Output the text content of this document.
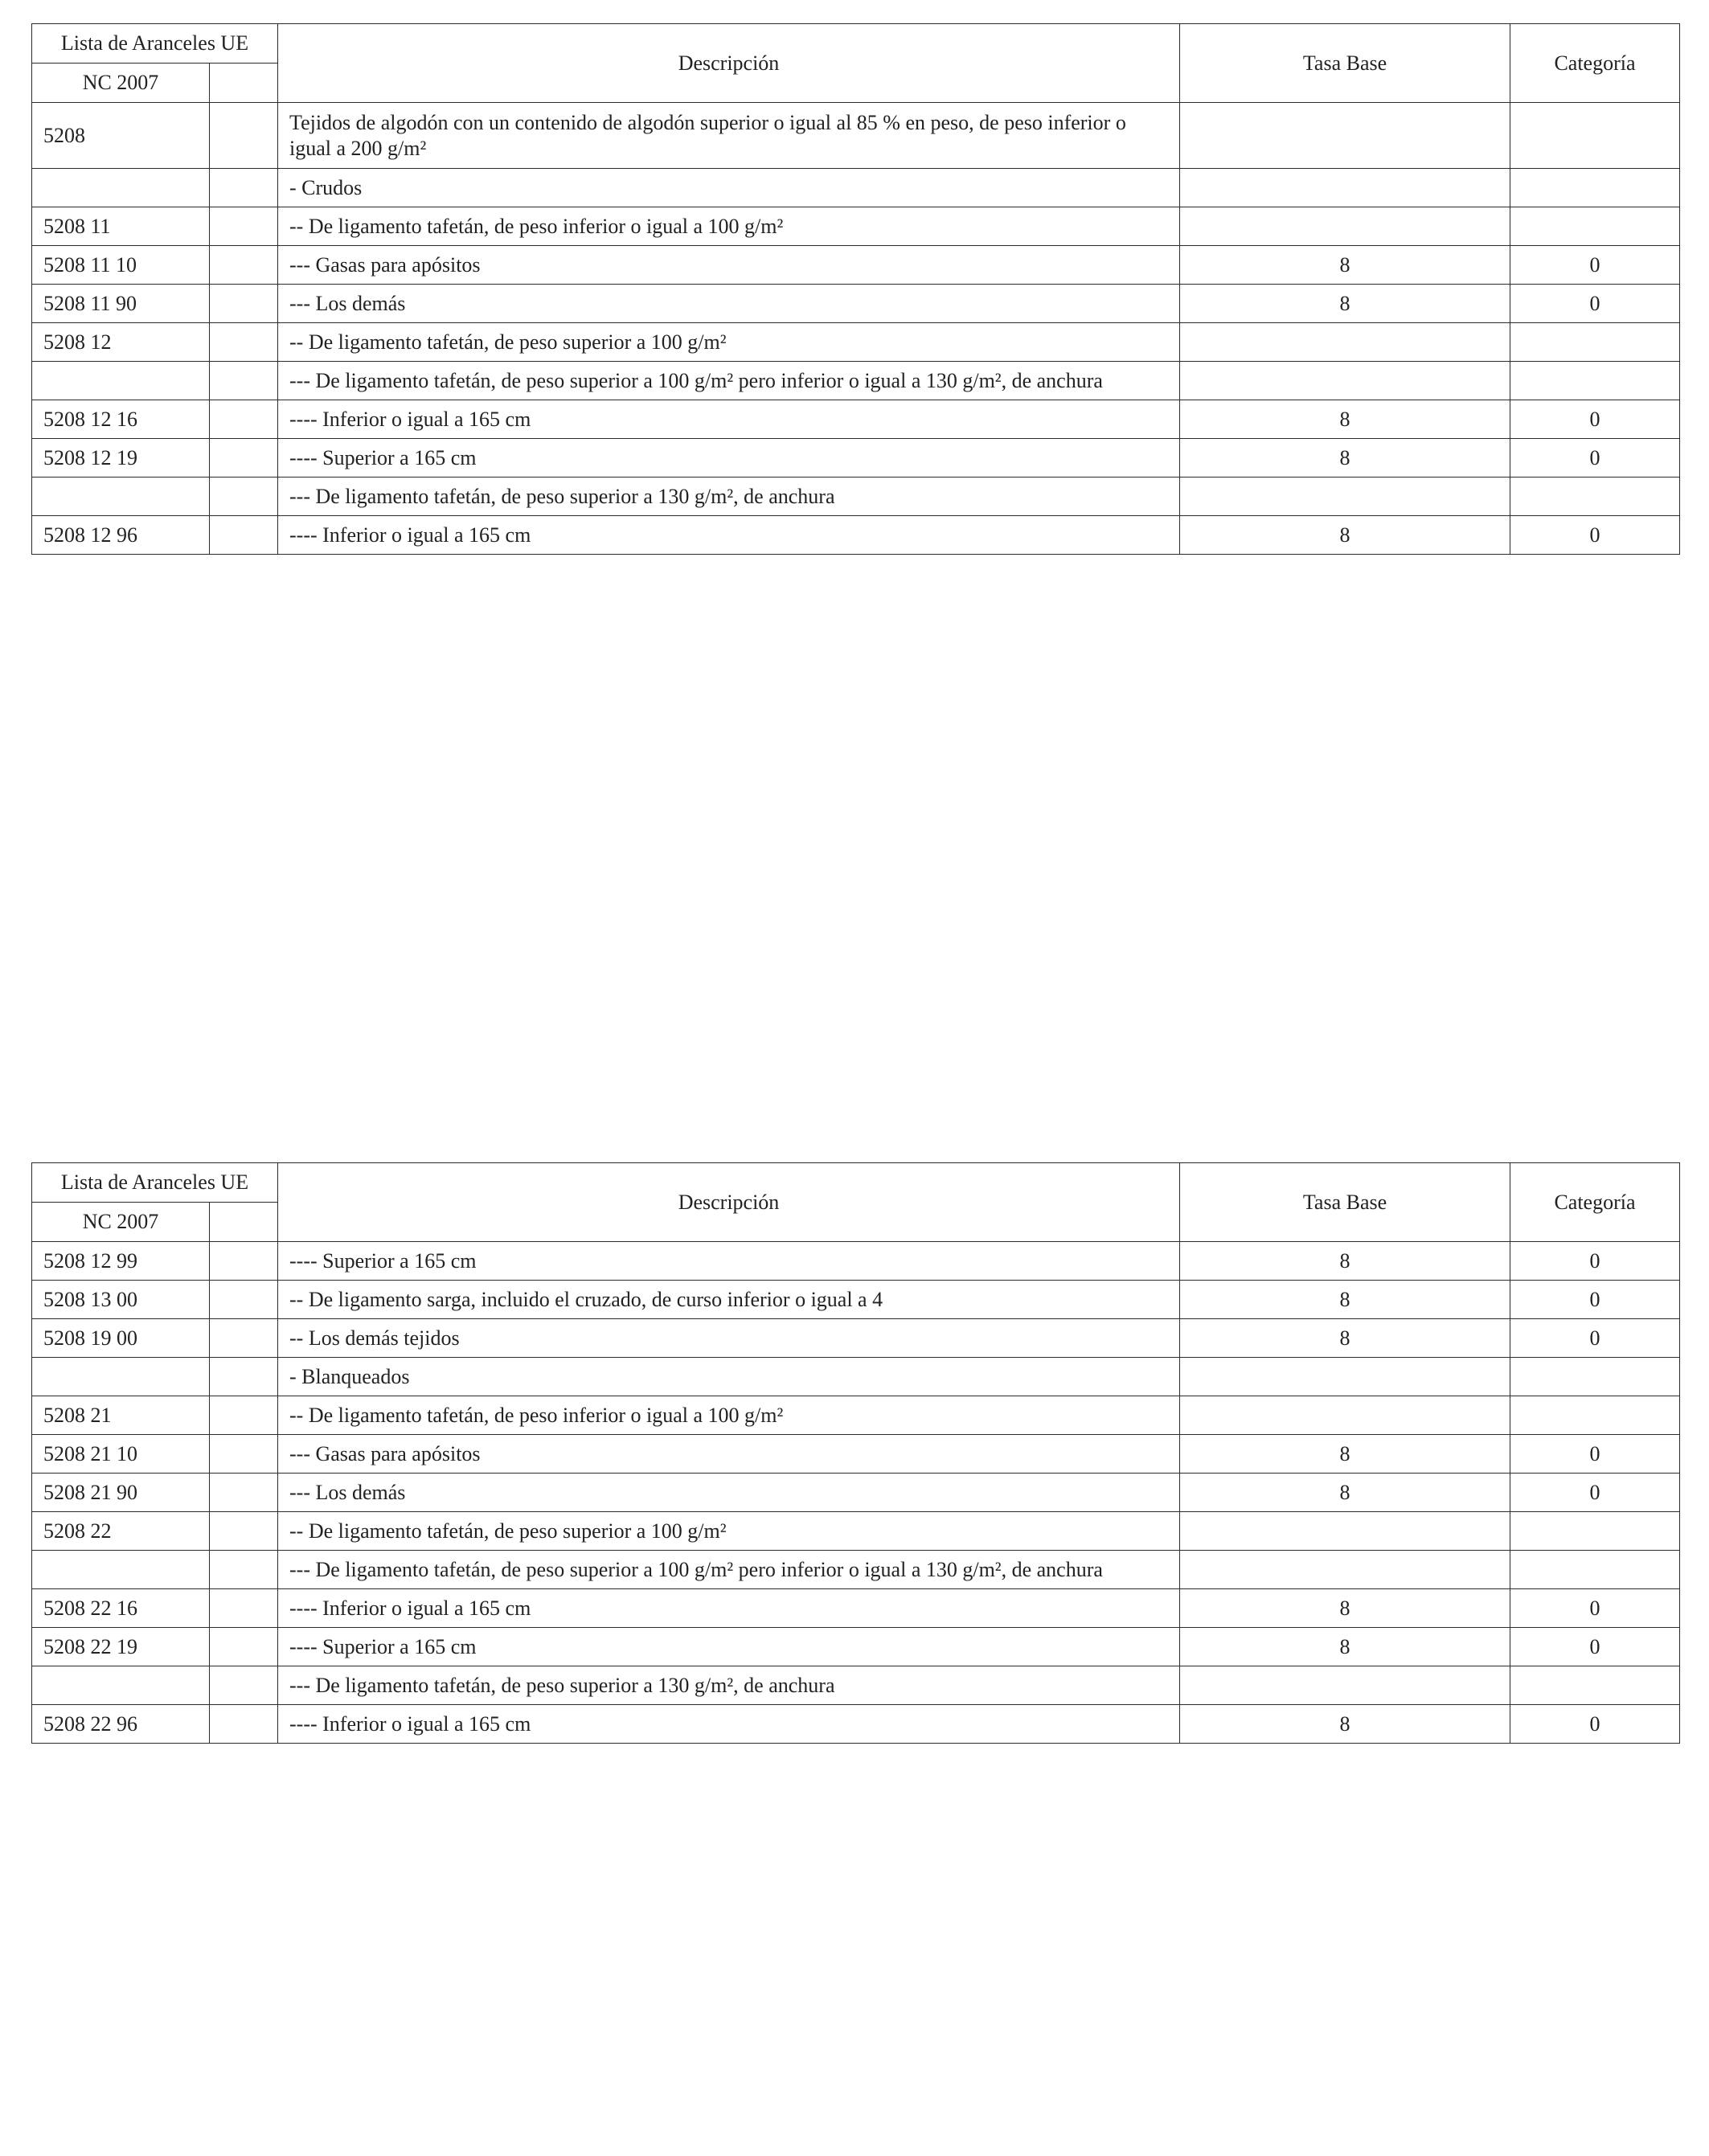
Lista de Aranceles UE		Descripción	Tasa Base	Categoría
NC 2007				
5208		Tejidos de algodón con un contenido de algodón superior o igual al 85 % en peso, de peso inferior o igual a 200 g/m²		
		- Crudos		
5208 11		-- De ligamento tafetán, de peso inferior o igual a 100 g/m²		
5208 11 10		--- Gasas para apósitos	8	0
5208 11 90		--- Los demás	8	0
5208 12		-- De ligamento tafetán, de peso superior a 100 g/m²		
		--- De ligamento tafetán, de peso superior a 100 g/m² pero inferior o igual a 130 g/m², de anchura		
5208 12 16		---- Inferior o igual a 165 cm	8	0
5208 12 19		---- Superior a 165 cm	8	0
		--- De ligamento tafetán, de peso superior a 130 g/m², de anchura		
5208 12 96		---- Inferior o igual a 165 cm	8	0
Lista de Aranceles UE		Descripción	Tasa Base	Categoría
NC 2007				
5208 12 99		---- Superior a 165 cm	8	0
5208 13 00		-- De ligamento sarga, incluido el cruzado, de curso inferior o igual a 4	8	0
5208 19 00		-- Los demás tejidos	8	0
		- Blanqueados		
5208 21		-- De ligamento tafetán, de peso inferior o igual a 100 g/m²		
5208 21 10		--- Gasas para apósitos	8	0
5208 21 90		--- Los demás	8	0
5208 22		-- De ligamento tafetán, de peso superior a 100 g/m²		
		--- De ligamento tafetán, de peso superior a 100 g/m² pero inferior o igual a 130 g/m², de anchura		
5208 22 16		---- Inferior o igual a 165 cm	8	0
5208 22 19		---- Superior a 165 cm	8	0
		--- De ligamento tafetán, de peso superior a 130 g/m², de anchura		
5208 22 96		---- Inferior o igual a 165 cm	8	0
